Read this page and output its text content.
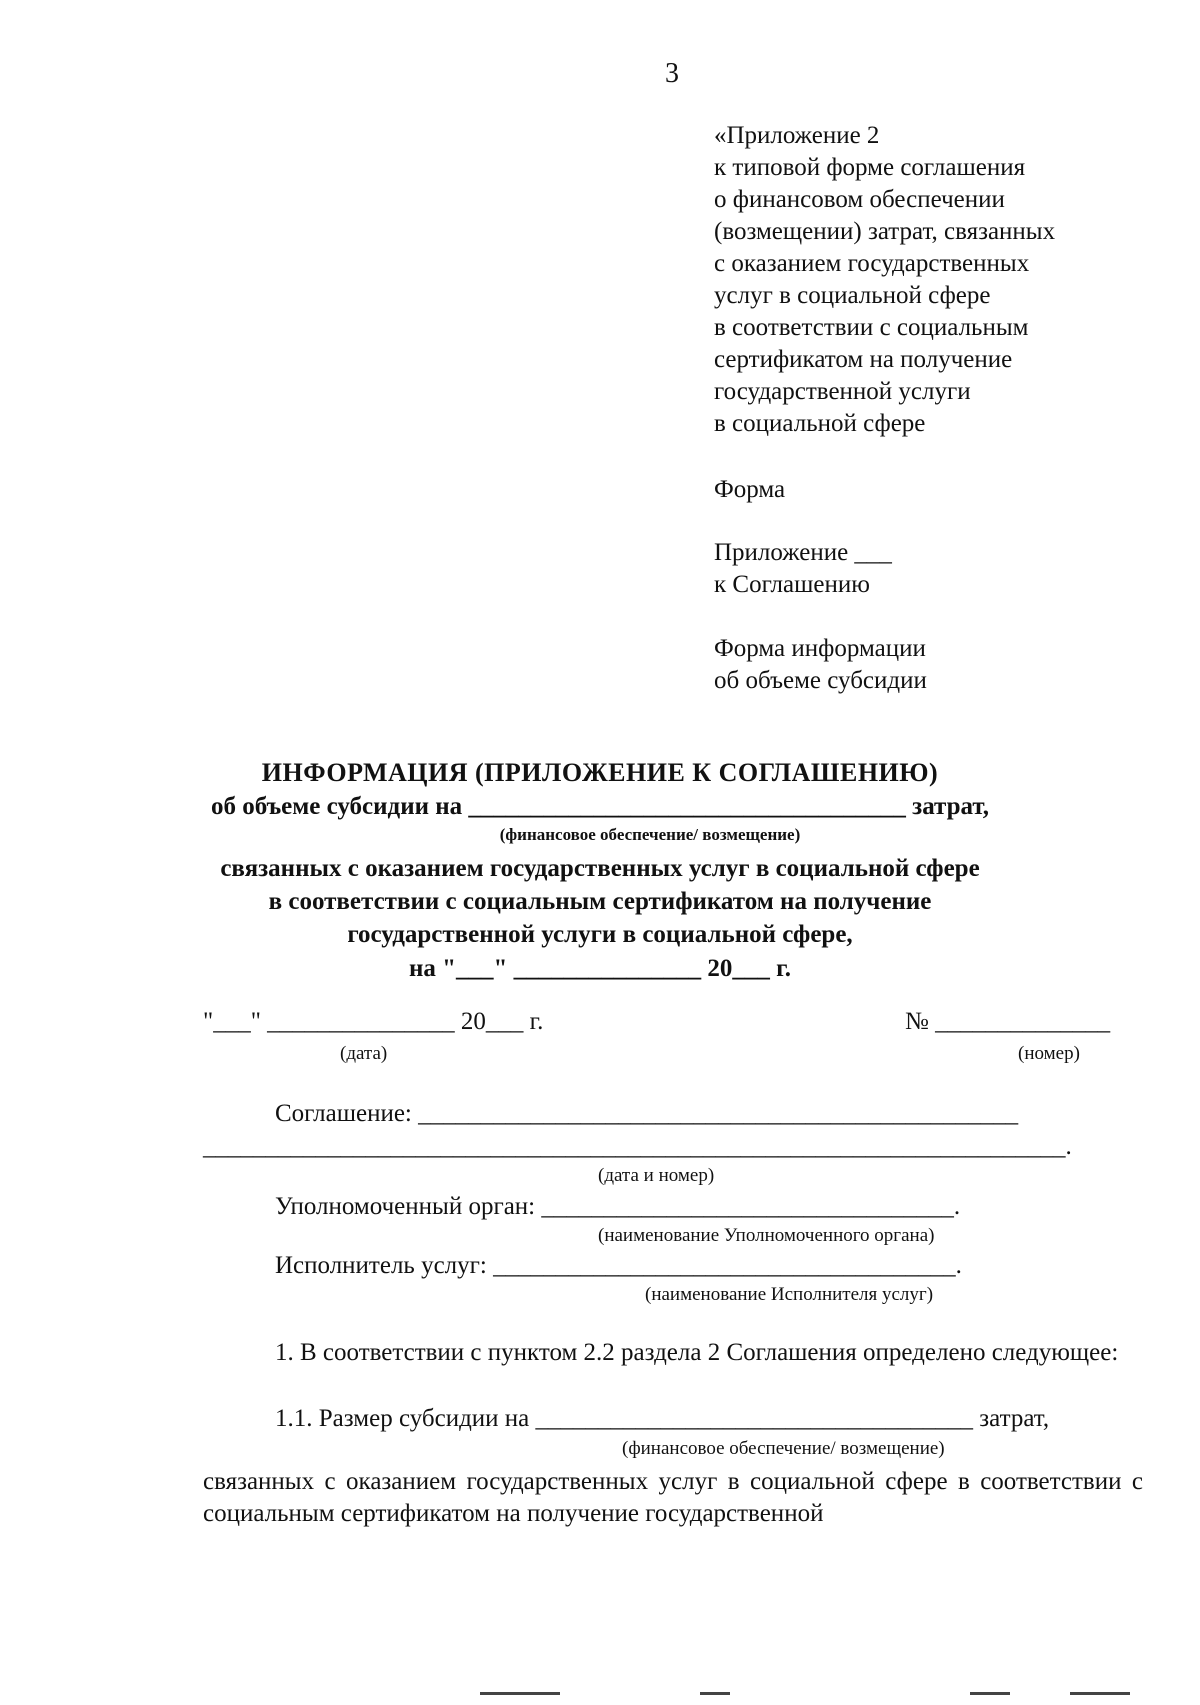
3
«Приложение 2
к типовой форме соглашения
о финансовом обеспечении
(возмещении) затрат, связанных
с оказанием государственных
услуг в социальной сфере
в соответствии с социальным
сертификатом на получение
государственной услуги
в социальной сфере
Форма
Приложение ___
к Соглашению
Форма информации
об объеме субсидии
ИНФОРМАЦИЯ (ПРИЛОЖЕНИЕ К СОГЛАШЕНИЮ)
об объеме субсидии на ___________________________________ затрат,
(финансовое обеспечение/ возмещение)
связанных с оказанием государственных услуг в социальной сфере
в соответствии с социальным сертификатом на получение
государственной услуги в социальной сфере,
на "___" _______________ 20___ г.
"___" _______________ 20___ г.
(дата)
№ ______________
(номер)
Соглашение: ________________________________________________
_____________________________________________________________________.
(дата и номер)
Уполномоченный орган: _________________________________.
(наименование Уполномоченного органа)
Исполнитель услуг: _____________________________________.
(наименование Исполнителя услуг)
1. В соответствии с пунктом 2.2 раздела 2 Соглашения определено следующее:
1.1. Размер субсидии на ___________________________________ затрат,
(финансовое обеспечение/ возмещение)
связанных с оказанием государственных услуг в социальной сфере в соответствии с социальным сертификатом на получение государственной
